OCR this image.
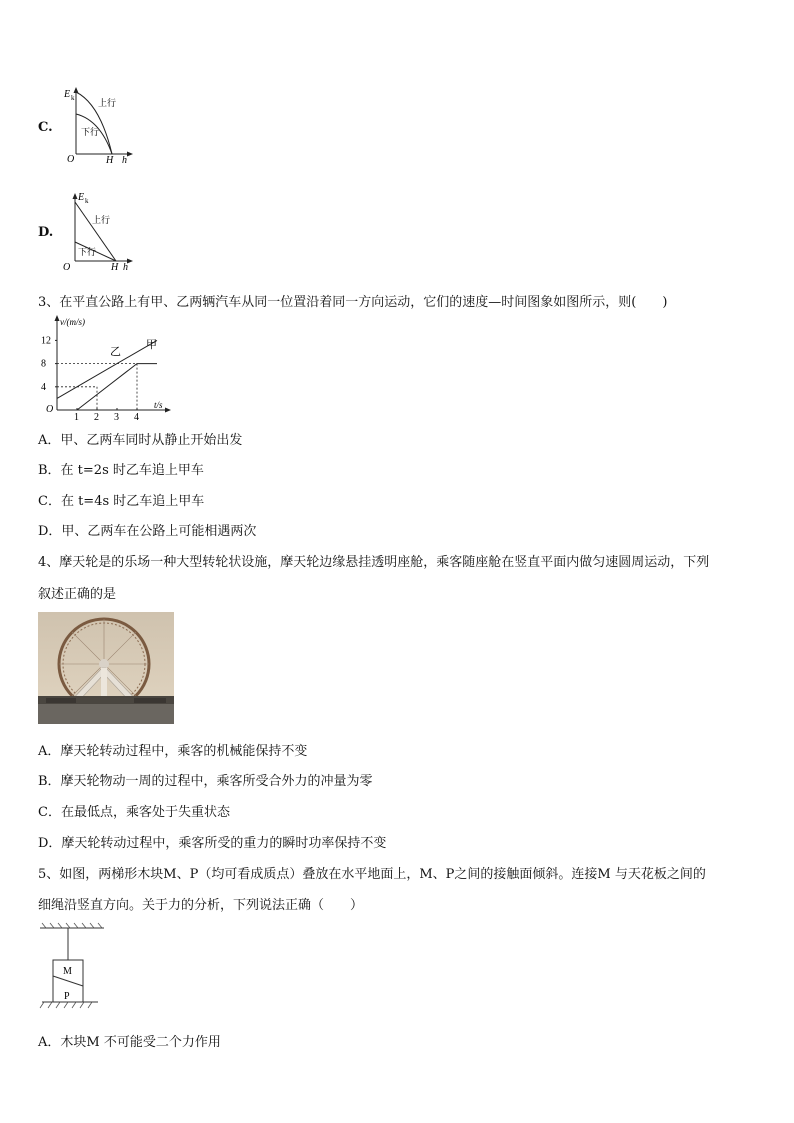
C.
E k	上行
下行
O	H h
D.
E k
上行
下行
O	H h
3、在平直公路上有甲、乙两辆汽车从同一位置沿着同一方向运动，它们的速度—时间图象如图所示，则(　　)
v/(m/s)
t/s
O
4
8
12
1 2 3 4
甲
乙
A．甲、乙两车同时从静止开始出发
B．在 t=2s 时乙车追上甲车
C．在 t=4s 时乙车追上甲车
D．甲、乙两车在公路上可能相遇两次
4、摩天轮是的乐场一种大型转轮状设施，摩天轮边缘悬挂透明座舱，乘客随座舱在竖直平面内做匀速圆周运动，下列
叙述正确的是
A．摩天轮转动过程中，乘客的机械能保持不变
B．摩天轮物动一周的过程中，乘客所受合外力的冲量为零
C．在最低点，乘客处于失重状态
D．摩天轮转动过程中，乘客所受的重力的瞬时功率保持不变
5、如图，两梯形木块M、P（均可看成质点）叠放在水平地面上，M、P之间的接触面倾斜。连接M 与天花板之间的
细绳沿竖直方向。关于力的分析，下列说法正确（　　）
M
P
A．木块M 不可能受二个力作用
